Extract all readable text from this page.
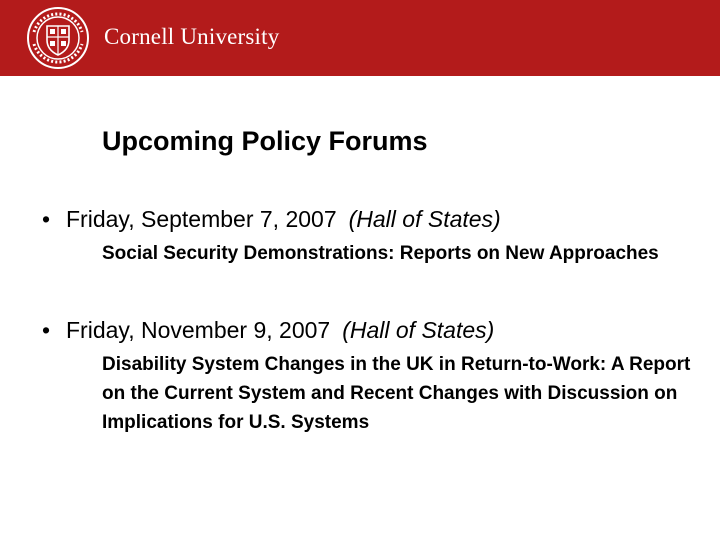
Cornell University
Upcoming Policy Forums
• Friday, September 7, 2007 (Hall of States)
Social Security Demonstrations: Reports on New Approaches
• Friday, November 9, 2007 (Hall of States)
Disability System Changes in the UK in Return-to-Work: A Report on the Current System and Recent Changes with Discussion on Implications for U.S. Systems
